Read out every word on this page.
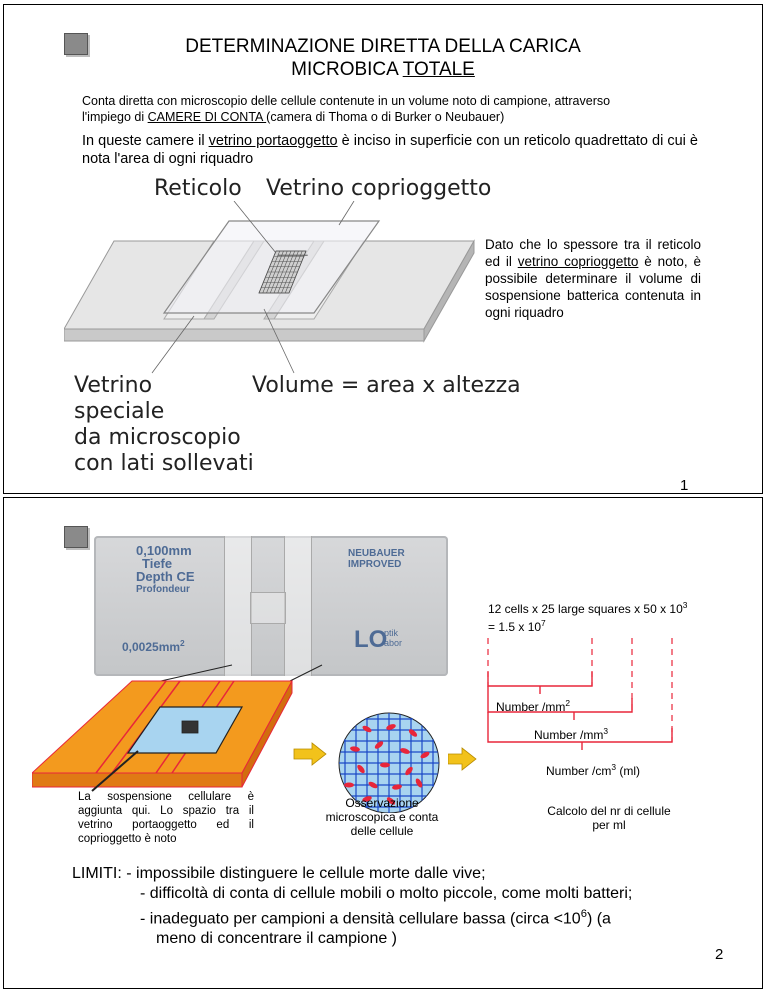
DETERMINAZIONE DIRETTA DELLA CARICA
MICROBICA TOTALE
Conta diretta con microscopio delle cellule contenute in un volume noto di campione, attraverso
l'impiego di CAMERE DI CONTA (camera di Thoma o di Burker o Neubauer)
In queste camere il vetrino portaoggetto è inciso in superficie con un reticolo quadrettato di cui è nota l'area di ogni riquadro
Reticolo Vetrino coprioggetto
Dato che lo spessore tra il reticolo ed il vetrino coprioggetto è noto, è possibile determinare il volume di sospensione batterica contenuta in ogni riquadro
Vetrino
speciale
da microscopio
con lati sollevati
Volume = area x altezza
1
0,100mm
Tiefe
Depth CE
Profondeur
$0,0025mm^2$
NEUBAUER
IMPROVED
LO
ptik
abor
12 cells x 25 large squares x 50 x $10^3$
= 1.5 x $10^7$
Number $/mm^2$
Number $/mm^3$
Number $/cm^3$ (ml)
La sospensione cellulare è aggiunta qui. Lo spazio tra il vetrino portaoggetto ed il coprioggetto è noto
Osservazione microscopica e conta delle cellule
Calcolo del nr di cellule per ml
LIMITI: - impossibile distinguere le cellule morte dalle vive;
- difficoltà di conta di cellule mobili o molto piccole, come molti batteri;
- inadeguato per campioni a densità cellulare bassa (circa $<10^6$) (a
meno di concentrare il campione )
2
